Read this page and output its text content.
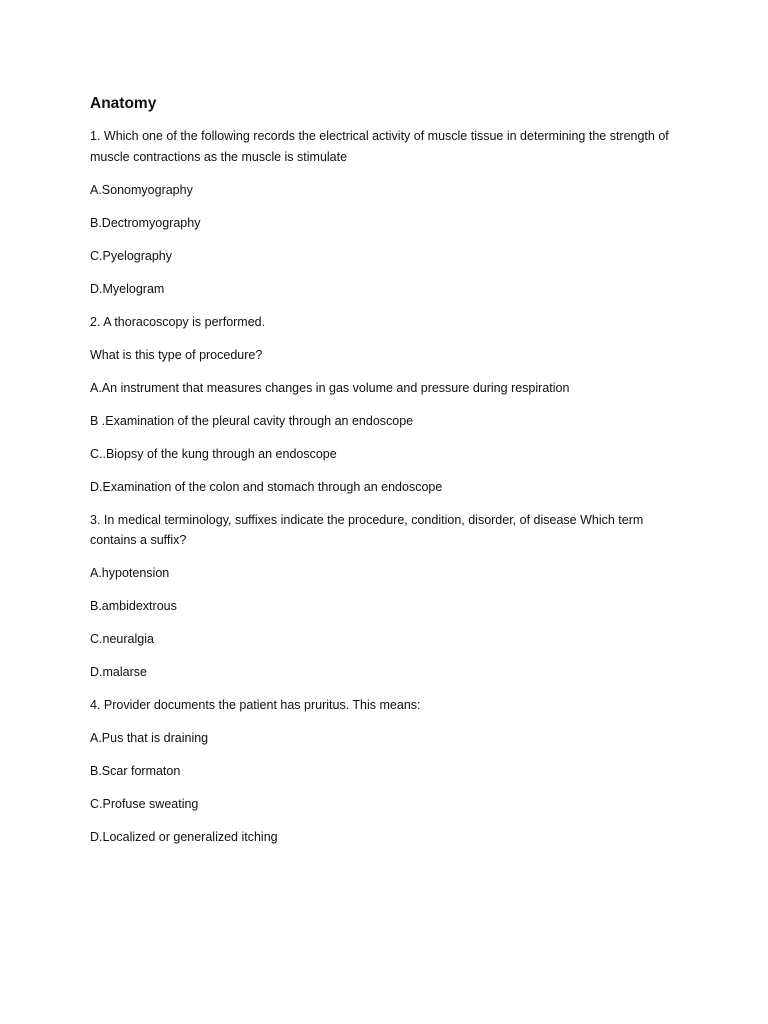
Anatomy
1. Which one of the following records the electrical activity of muscle tissue in determining the strength of muscle contractions as the muscle is stimulate
A.Sonomyography
B.Dectromyography
C.Pyelography
D.Myelogram
2. A thoracoscopy is performed.
What is this type of procedure?
A.An instrument that measures changes in gas volume and pressure during respiration
B .Examination of the pleural cavity through an endoscope
C..Biopsy of the kung through an endoscope
D.Examination of the colon and stomach through an endoscope
3. In medical terminology, suffixes indicate the procedure, condition, disorder, of disease Which term contains a suffix?
A.hypotension
B.ambidextrous
C.neuralgia
D.malarse
4. Provider documents the patient has pruritus. This means:
A.Pus that is draining
B.Scar formaton
C.Profuse sweating
D.Localized or generalized itching
